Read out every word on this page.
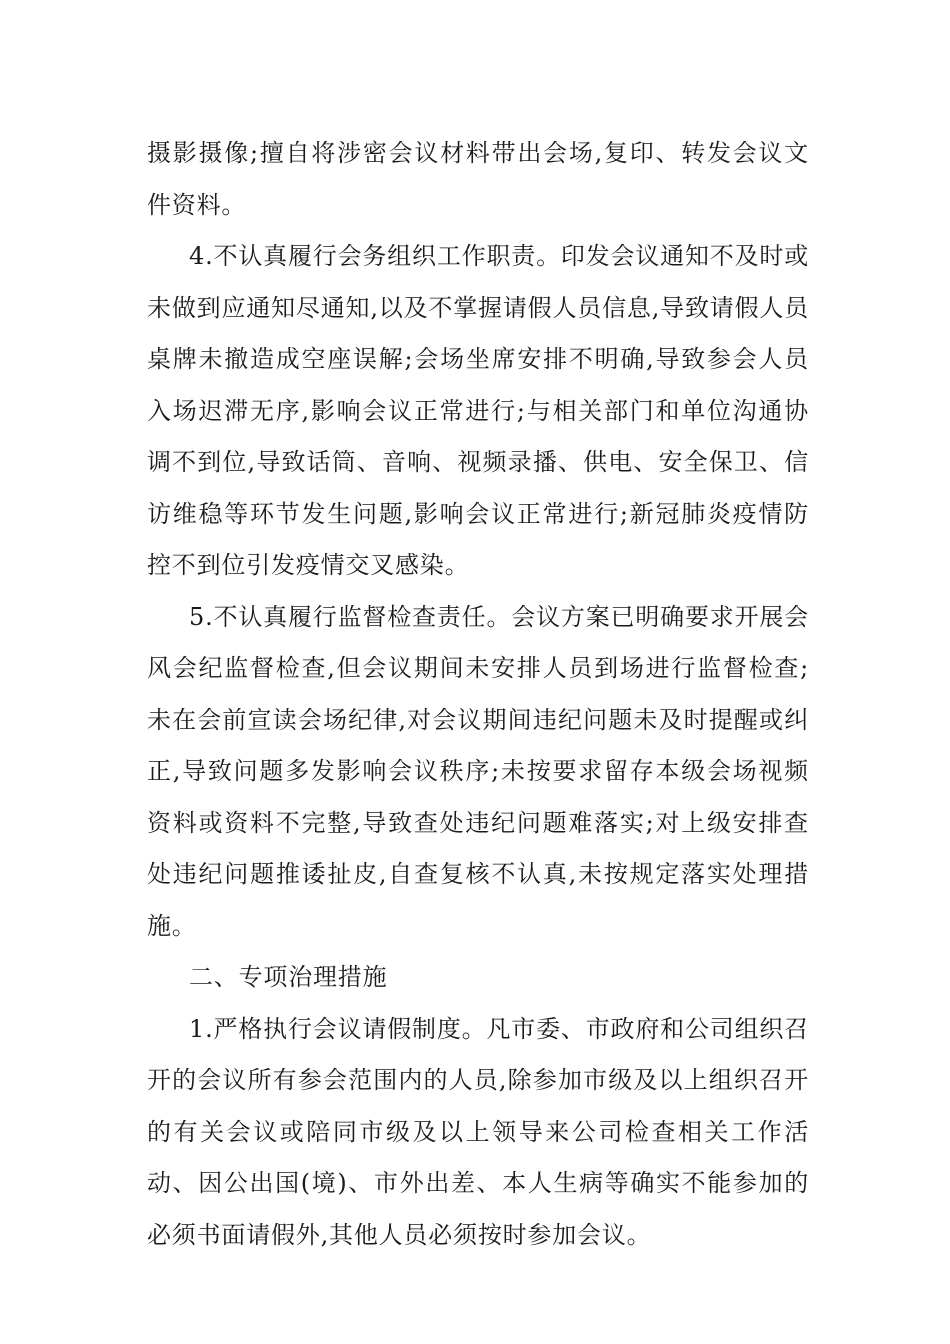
摄影摄像;擅自将涉密会议材料带出会场,复印、转发会议文件资料。

4.不认真履行会务组织工作职责。印发会议通知不及时或未做到应通知尽通知,以及不掌握请假人员信息,导致请假人员桌牌未撤造成空座误解;会场坐席安排不明确,导致参会人员入场迟滞无序,影响会议正常进行;与相关部门和单位沟通协调不到位,导致话筒、音响、视频录播、供电、安全保卫、信访维稳等环节发生问题,影响会议正常进行;新冠肺炎疫情防控不到位引发疫情交叉感染。

5.不认真履行监督检查责任。会议方案已明确要求开展会风会纪监督检查,但会议期间未安排人员到场进行监督检查;未在会前宣读会场纪律,对会议期间违纪问题未及时提醒或纠正,导致问题多发影响会议秩序;未按要求留存本级会场视频资料或资料不完整,导致查处违纪问题难落实;对上级安排查处违纪问题推诿扯皮,自查复核不认真,未按规定落实处理措施。

二、专项治理措施

1.严格执行会议请假制度。凡市委、市政府和公司组织召开的会议所有参会范围内的人员,除参加市级及以上组织召开的有关会议或陪同市级及以上领导来公司检查相关工作活动、因公出国(境)、市外出差、本人生病等确实不能参加的必须书面请假外,其他人员必须按时参加会议。
